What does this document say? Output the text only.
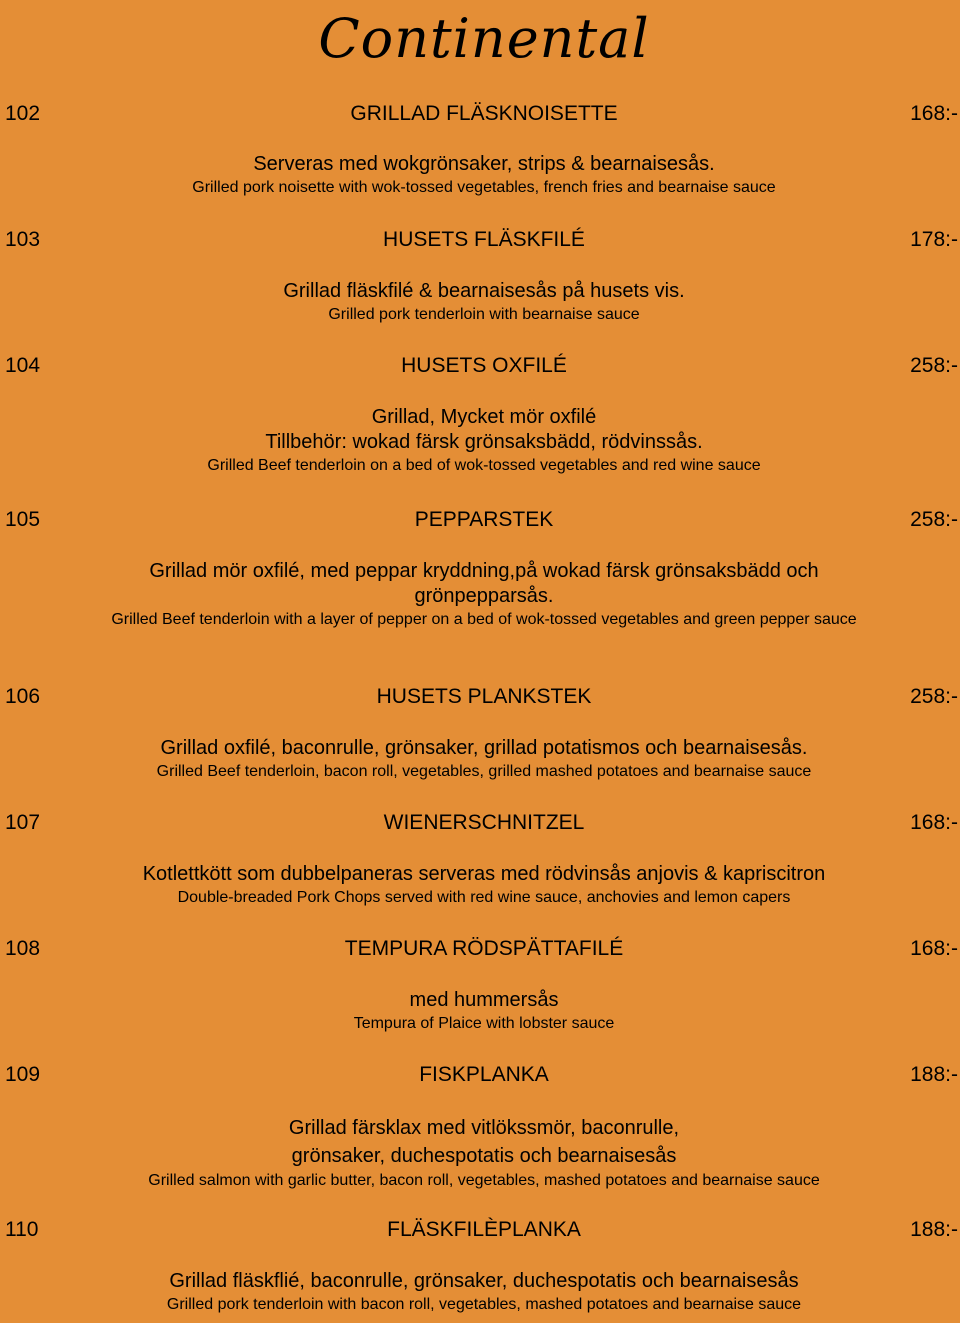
Continental
102	GRILLAD FLÄSKNOISETTE	168:-
Serveras med wokgrönsaker, strips & bearnaisesås.
Grilled pork noisette with wok-tossed vegetables, french fries and bearnaise sauce
103	HUSETS FLÄSKFILÉ	178:-
Grillad fläskfilé & bearnaisesås på husets vis.
Grilled pork tenderloin with bearnaise sauce
104	HUSETS OXFILÉ	258:-
Grillad, Mycket mör oxfilé
Tillbehör: wokad färsk grönsaksbädd, rödvinssås.
Grilled Beef tenderloin on a bed of wok-tossed vegetables and red wine sauce
105	PEPPARSTEK	258:-
Grillad mör oxfilé, med peppar kryddning,på wokad färsk grönsaksbädd och grönpepparsås.
Grilled Beef tenderloin with a layer of pepper on a bed of wok-tossed vegetables and green pepper sauce
106	HUSETS PLANKSTEK	258:-
Grillad oxfilé, baconrulle, grönsaker, grillad potatismos och bearnaisesås.
Grilled Beef tenderloin, bacon roll, vegetables, grilled mashed potatoes and bearnaise sauce
107	WIENERSCHNITZEL	168:-
Kotlettkött som dubbelpaneras serveras med rödvinsås anjovis & kapriscitron
Double-breaded Pork Chops served with red wine sauce, anchovies and lemon capers
108	TEMPURA RÖDSPÄTTAFILÉ	168:-
med hummersås
Tempura of Plaice with lobster sauce
109	FISKPLANKA	188:-
Grillad färsklax med vitlökssmör, baconrulle,
grönsaker, duchespotatis och bearnaisesås
Grilled salmon with garlic butter, bacon roll, vegetables, mashed potatoes and bearnaise sauce
110	FLÄSKFILÈPLANKA	188:-
Grillad fläskflié, baconrulle, grönsaker, duchespotatis och bearnaisesås
Grilled pork tenderloin with bacon roll, vegetables, mashed potatoes and bearnaise sauce
